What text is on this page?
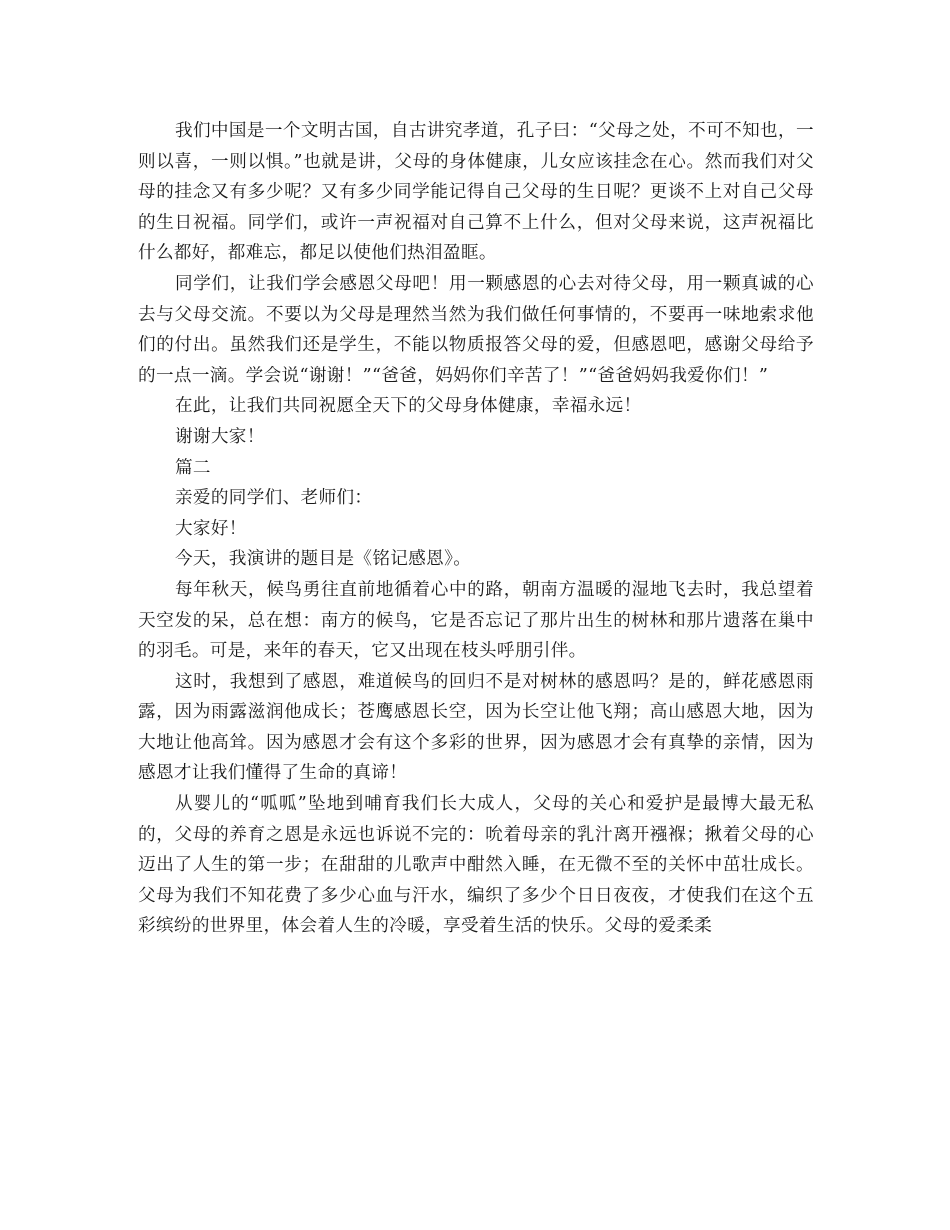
我们中国是一个文明古国，自古讲究孝道，孔子曰：“父母之处，不可不知也，一则以喜，一则以惧。”也就是讲，父母的身体健康，儿女应该挂念在心。然而我们对父母的挂念又有多少呢？又有多少同学能记得自己父母的生日呢？更谈不上对自己父母的生日祝福。同学们，或许一声祝福对自己算不上什么，但对父母来说，这声祝福比什么都好，都难忘，都足以使他们热泪盈眶。

同学们，让我们学会感恩父母吧！用一颗感恩的心去对待父母，用一颗真诚的心去与父母交流。不要以为父母是理然当然为我们做任何事情的，不要再一味地索求他们的付出。虽然我们还是学生，不能以物质报答父母的爱，但感恩吧，感谢父母给予的一点一滴。学会说“谢谢！”“爸爸，妈妈你们辛苦了！”“爸爸妈妈我爱你们！”

在此，让我们共同祝愿全天下的父母身体健康，幸福永远！

谢谢大家！

篇二

亲爱的同学们、老师们：

大家好！

今天，我演讲的题目是《铭记感恩》。

每年秋天，候鸟勇往直前地循着心中的路，朝南方温暖的湿地飞去时，我总望着天空发的呆，总在想：南方的候鸟，它是否忘记了那片出生的树林和那片遗落在巢中的羽毛。可是，来年的春天，它又出现在枝头呼朋引伴。

这时，我想到了感恩，难道候鸟的回归不是对树林的感恩吗？是的，鲜花感恩雨露，因为雨露滋润他成长；苍鹰感恩长空，因为长空让他飞翔；高山感恩大地，因为大地让他高耸。因为感恩才会有这个多彩的世界，因为感恩才会有真挚的亲情，因为感恩才让我们懂得了生命的真谛！

从婴儿的“呱呱”坠地到哺育我们长大成人，父母的关心和爱护是最博大最无私的，父母的养育之恩是永远也诉说不完的：吮着母亲的乳汁离开襁褓；揪着父母的心迈出了人生的第一步；在甜甜的儿歌声中酣然入睡，在无微不至的关怀中茁壮成长。父母为我们不知花费了多少心血与汗水，编织了多少个日日夜夜，才使我们在这个五彩缤纷的世界里，体会着人生的冷暖，享受着生活的快乐。父母的爱柔柔
